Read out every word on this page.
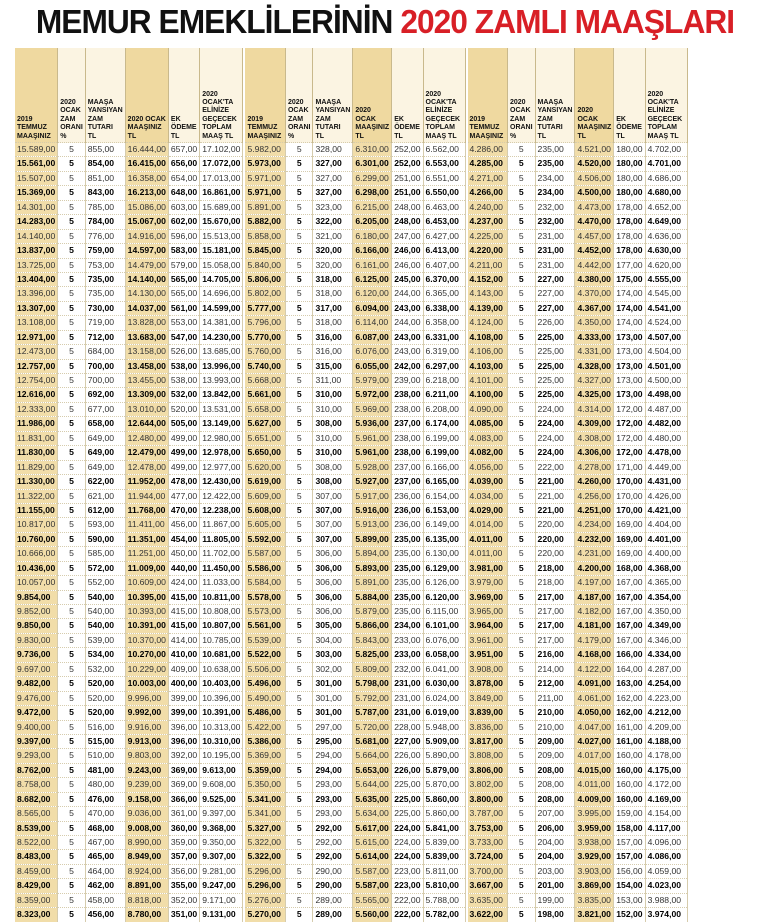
MEMUR EMEKLİLERİNİN 2020 ZAMLI MAAŞLARI
2019 TEMMUZ MAAŞINIZ	2020 OCAK ZAM ORANI %	MAAŞA YANSIYAN ZAM TUTARI TL	2020 OCAK MAAŞINIZ TL	EK ÖDEME TL	2020 OCAK'TA ELİNİZE GEÇECEK TOPLAM MAAŞ TL
15.589,00	5	855,00	16.444,00	657,00	17.102,00
15.561,00	5	854,00	16.415,00	656,00	17.072,00
15.507,00	5	851,00	16.358,00	654,00	17.013,00
15.369,00	5	843,00	16.213,00	648,00	16.861,00
14.301,00	5	785,00	15.086,00	603,00	15.689,00
14.283,00	5	784,00	15.067,00	602,00	15.670,00
14.140,00	5	776,00	14.916,00	596,00	15.513,00
13.837,00	5	759,00	14.597,00	583,00	15.181,00
13.725,00	5	753,00	14.479,00	579,00	15.058,00
13.404,00	5	735,00	14.140,00	565,00	14.705,00
13.396,00	5	735,00	14.130,00	565,00	14.696,00
13.307,00	5	730,00	14.037,00	561,00	14.599,00
13.108,00	5	719,00	13.828,00	553,00	14.381,00
12.971,00	5	712,00	13.683,00	547,00	14.230,00
12.473,00	5	684,00	13.158,00	526,00	13.685,00
12.757,00	5	700,00	13.458,00	538,00	13.996,00
12.754,00	5	700,00	13.455,00	538,00	13.993,00
12.616,00	5	692,00	13.309,00	532,00	13.842,00
12.333,00	5	677,00	13.010,00	520,00	13.531,00
11.986,00	5	658,00	12.644,00	505,00	13.149,00
11.831,00	5	649,00	12.480,00	499,00	12.980,00
11.830,00	5	649,00	12.479,00	499,00	12.978,00
11.829,00	5	649,00	12.478,00	499,00	12.977,00
11.330,00	5	622,00	11.952,00	478,00	12.430,00
11.322,00	5	621,00	11.944,00	477,00	12.422,00
11.155,00	5	612,00	11.768,00	470,00	12.238,00
10.817,00	5	593,00	11.411,00	456,00	11.867,00
10.760,00	5	590,00	11.351,00	454,00	11.805,00
10.666,00	5	585,00	11.251,00	450,00	11.702,00
10.436,00	5	572,00	11.009,00	440,00	11.450,00
10.057,00	5	552,00	10.609,00	424,00	11.033,00
9.854,00	5	540,00	10.395,00	415,00	10.811,00
9.852,00	5	540,00	10.393,00	415,00	10.808,00
9.850,00	5	540,00	10.391,00	415,00	10.807,00
9.830,00	5	539,00	10.370,00	414,00	10.785,00
9.736,00	5	534,00	10.270,00	410,00	10.681,00
9.697,00	5	532,00	10.229,00	409,00	10.638,00
9.482,00	5	520,00	10.003,00	400,00	10.403,00
9.476,00	5	520,00	9.996,00	399,00	10.396,00
9.472,00	5	520,00	9.992,00	399,00	10.391,00
9.400,00	5	516,00	9.916,00	396,00	10.313,00
9.397,00	5	515,00	9.913,00	396,00	10.310,00
9.293,00	5	510,00	9.803,00	392,00	10.195,00
8.762,00	5	481,00	9.243,00	369,00	9.613,00
8.758,00	5	480,00	9.239,00	369,00	9.608,00
8.682,00	5	476,00	9.158,00	366,00	9.525,00
8.565,00	5	470,00	9.036,00	361,00	9.397,00
8.539,00	5	468,00	9.008,00	360,00	9.368,00
8.522,00	5	467,00	8.990,00	359,00	9.350,00
8.483,00	5	465,00	8.949,00	357,00	9.307,00
8.459,00	5	464,00	8.924,00	356,00	9.281,00
8.429,00	5	462,00	8.891,00	355,00	9.247,00
8.359,00	5	458,00	8.818,00	352,00	9.171,00
8.323,00	5	456,00	8.780,00	351,00	9.131,00
2019 TEMMUZ MAAŞINIZ	2020 OCAK ZAM ORANI %	MAAŞA YANSIYAN ZAM TUTARI TL	2020 OCAK MAAŞINIZ TL	EK ÖDEME TL	2020 OCAK'TA ELİNİZE GEÇECEK TOPLAM MAAŞ TL
5.982,00	5	328,00	6.310,00	252,00	6.562,00
5.973,00	5	327,00	6.301,00	252,00	6.553,00
5.971,00	5	327,00	6.299,00	251,00	6.551,00
5.971,00	5	327,00	6.298,00	251,00	6.550,00
5.891,00	5	323,00	6.215,00	248,00	6.463,00
5.882,00	5	322,00	6.205,00	248,00	6.453,00
5.858,00	5	321,00	6.180,00	247,00	6.427,00
5.845,00	5	320,00	6.166,00	246,00	6.413,00
5.840,00	5	320,00	6.161,00	246,00	6.407,00
5.806,00	5	318,00	6.125,00	245,00	6.370,00
5.802,00	5	318,00	6.120,00	244,00	6.365,00
5.777,00	5	317,00	6.094,00	243,00	6.338,00
5.796,00	5	318,00	6.114,00	244,00	6.358,00
5.770,00	5	316,00	6.087,00	243,00	6.331,00
5.760,00	5	316,00	6.076,00	243,00	6.319,00
5.740,00	5	315,00	6.055,00	242,00	6.297,00
5.668,00	5	311,00	5.979,00	239,00	6.218,00
5.661,00	5	310,00	5.972,00	238,00	6.211,00
5.658,00	5	310,00	5.969,00	238,00	6.208,00
5.627,00	5	308,00	5.936,00	237,00	6.174,00
5.651,00	5	310,00	5.961,00	238,00	6.199,00
5.650,00	5	310,00	5.961,00	238,00	6.199,00
5.620,00	5	308,00	5.928,00	237,00	6.166,00
5.619,00	5	308,00	5.927,00	237,00	6.165,00
5.609,00	5	307,00	5.917,00	236,00	6.154,00
5.608,00	5	307,00	5.916,00	236,00	6.153,00
5.605,00	5	307,00	5.913,00	236,00	6.149,00
5.592,00	5	307,00	5.899,00	235,00	6.135,00
5.587,00	5	306,00	5.894,00	235,00	6.130,00
5.586,00	5	306,00	5.893,00	235,00	6.129,00
5.584,00	5	306,00	5.891,00	235,00	6.126,00
5.578,00	5	306,00	5.884,00	235,00	6.120,00
5.573,00	5	306,00	5.879,00	235,00	6.115,00
5.561,00	5	305,00	5.866,00	234,00	6.101,00
5.539,00	5	304,00	5.843,00	233,00	6.076,00
5.522,00	5	303,00	5.825,00	233,00	6.058,00
5.506,00	5	302,00	5.809,00	232,00	6.041,00
5.496,00	5	301,00	5.798,00	231,00	6.030,00
5.490,00	5	301,00	5.792,00	231,00	6.024,00
5.486,00	5	301,00	5.787,00	231,00	6.019,00
5.422,00	5	297,00	5.720,00	228,00	5.948,00
5.386,00	5	295,00	5.681,00	227,00	5.909,00
5.369,00	5	294,00	5.664,00	226,00	5.890,00
5.359,00	5	294,00	5.653,00	226,00	5.879,00
5.350,00	5	293,00	5.644,00	225,00	5.870,00
5.341,00	5	293,00	5.635,00	225,00	5.860,00
5.341,00	5	293,00	5.634,00	225,00	5.860,00
5.327,00	5	292,00	5.617,00	224,00	5.841,00
5.322,00	5	292,00	5.615,00	224,00	5.839,00
5.322,00	5	292,00	5.614,00	224,00	5.839,00
5.296,00	5	290,00	5.587,00	223,00	5.811,00
5.296,00	5	290,00	5.587,00	223,00	5.810,00
5.276,00	5	289,00	5.565,00	222,00	5.788,00
5.270,00	5	289,00	5.560,00	222,00	5.782,00
2019 TEMMUZ MAAŞINIZ	2020 OCAK ZAM ORANI %	MAAŞA YANSIYAN ZAM TUTARI TL	2020 OCAK MAAŞINIZ TL	EK ÖDEME TL	2020 OCAK'TA ELİNİZE GEÇECEK TOPLAM MAAŞ TL
4.286,00	5	235,00	4.521,00	180,00	4.702,00
4.285,00	5	235,00	4.520,00	180,00	4.701,00
4.271,00	5	234,00	4.506,00	180,00	4.686,00
4.266,00	5	234,00	4.500,00	180,00	4.680,00
4.240,00	5	232,00	4.473,00	178,00	4.652,00
4.237,00	5	232,00	4.470,00	178,00	4.649,00
4.225,00	5	231,00	4.457,00	178,00	4.636,00
4.220,00	5	231,00	4.452,00	178,00	4.630,00
4.211,00	5	231,00	4.442,00	177,00	4.620,00
4.152,00	5	227,00	4.380,00	175,00	4.555,00
4.143,00	5	227,00	4.370,00	174,00	4.545,00
4.139,00	5	227,00	4.367,00	174,00	4.541,00
4.124,00	5	226,00	4.350,00	174,00	4.524,00
4.108,00	5	225,00	4.333,00	173,00	4.507,00
4.106,00	5	225,00	4.331,00	173,00	4.504,00
4.103,00	5	225,00	4.328,00	173,00	4.501,00
4.101,00	5	225,00	4.327,00	173,00	4.500,00
4.100,00	5	225,00	4.325,00	173,00	4.498,00
4.090,00	5	224,00	4.314,00	172,00	4.487,00
4.085,00	5	224,00	4.309,00	172,00	4.482,00
4.083,00	5	224,00	4.308,00	172,00	4.480,00
4.082,00	5	224,00	4.306,00	172,00	4.478,00
4.056,00	5	222,00	4.278,00	171,00	4.449,00
4.039,00	5	221,00	4.260,00	170,00	4.431,00
4.034,00	5	221,00	4.256,00	170,00	4.426,00
4.029,00	5	221,00	4.251,00	170,00	4.421,00
4.014,00	5	220,00	4.234,00	169,00	4.404,00
4.011,00	5	220,00	4.232,00	169,00	4.401,00
4.011,00	5	220,00	4.231,00	169,00	4.400,00
3.981,00	5	218,00	4.200,00	168,00	4.368,00
3.979,00	5	218,00	4.197,00	167,00	4.365,00
3.969,00	5	217,00	4.187,00	167,00	4.354,00
3.965,00	5	217,00	4.182,00	167,00	4.350,00
3.964,00	5	217,00	4.181,00	167,00	4.349,00
3.961,00	5	217,00	4.179,00	167,00	4.346,00
3.951,00	5	216,00	4.168,00	166,00	4.334,00
3.908,00	5	214,00	4.122,00	164,00	4.287,00
3.878,00	5	212,00	4.091,00	163,00	4.254,00
3.849,00	5	211,00	4.061,00	162,00	4.223,00
3.839,00	5	210,00	4.050,00	162,00	4.212,00
3.836,00	5	210,00	4.047,00	161,00	4.209,00
3.817,00	5	209,00	4.027,00	161,00	4.188,00
3.808,00	5	209,00	4.017,00	160,00	4.178,00
3.806,00	5	208,00	4.015,00	160,00	4.175,00
3.802,00	5	208,00	4.011,00	160,00	4.172,00
3.800,00	5	208,00	4.009,00	160,00	4.169,00
3.787,00	5	207,00	3.995,00	159,00	4.154,00
3.753,00	5	206,00	3.959,00	158,00	4.117,00
3.733,00	5	204,00	3.938,00	157,00	4.096,00
3.724,00	5	204,00	3.929,00	157,00	4.086,00
3.700,00	5	203,00	3.903,00	156,00	4.059,00
3.667,00	5	201,00	3.869,00	154,00	4.023,00
3.635,00	5	199,00	3.835,00	153,00	3.988,00
3.622,00	5	198,00	3.821,00	152,00	3.974,00
